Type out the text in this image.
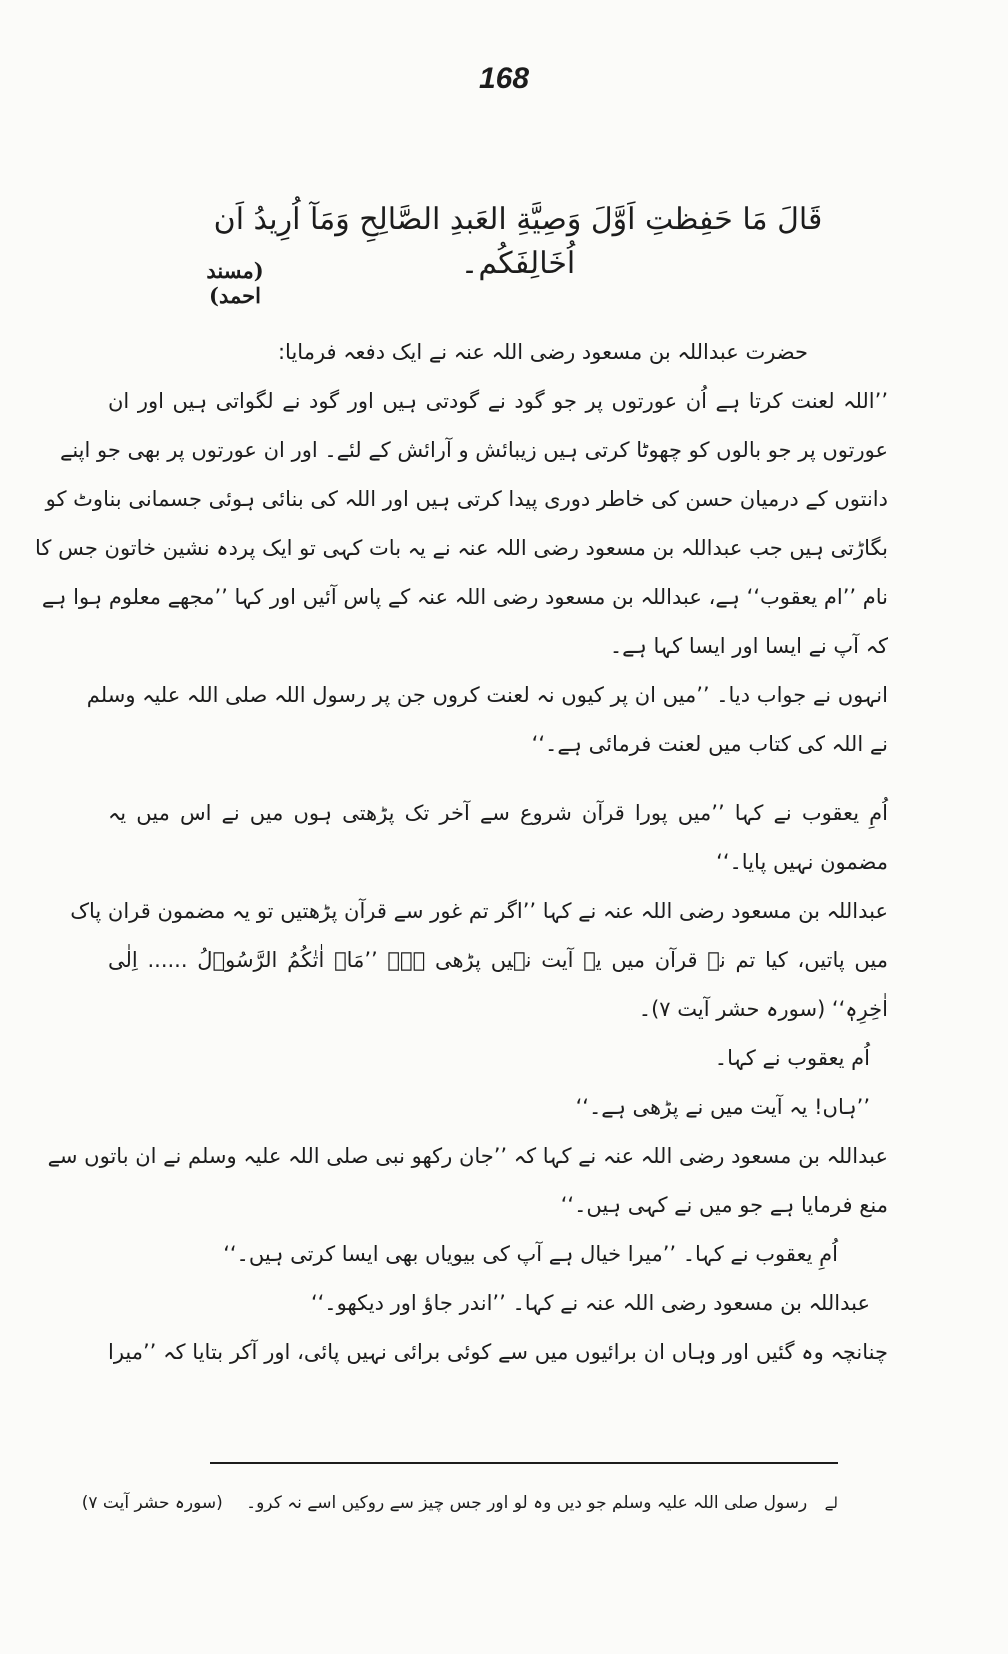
168
قَالَ مَا حَفِظتِ اَوَّلَ وَصِيَّةِ العَبدِ الصَّالِحِ وَمَآ اُرِيدُ اَن اُخَالِفَکُم۔
(مسند احمد)
حضرت عبداللہ بن مسعود رضی اللہ عنہ نے ایک دفعہ فرمایا:
’’اللہ لعنت کرتا ہے اُن عورتوں پر جو گود نے گودتی ہیں اور گود نے لگواتی ہیں اور ان
عورتوں پر جو بالوں کو چھوٹا کرتی ہیں زیبائش و آرائش کے لئے۔ اور ان عورتوں پر بھی جو اپنے
دانتوں کے درمیان حسن کی خاطر دوری پیدا کرتی ہیں اور اللہ کی بنائی ہوئی جسمانی بناوٹ کو
بگاڑتی ہیں جب عبداللہ بن مسعود رضی اللہ عنہ نے یہ بات کہی تو ایک پردہ نشین خاتون جس کا
نام ’’ام یعقوب‘‘ ہے، عبداللہ بن مسعود رضی اللہ عنہ کے پاس آئیں اور کہا ’’مجھے معلوم ہوا ہے
کہ آپ نے ایسا اور ایسا کہا ہے۔
انہوں نے جواب دیا۔ ’’میں ان پر کیوں نہ لعنت کروں جن پر رسول اللہ صلی اللہ علیہ وسلم
نے اللہ کی کتاب میں لعنت فرمائی ہے۔‘‘
اُمِ یعقوب نے کہا ’’میں پورا قرآن شروع سے آخر تک پڑھتی ہوں میں نے اس میں یہ
مضمون نہیں پایا۔‘‘
عبداللہ بن مسعود رضی اللہ عنہ نے کہا ’’اگر تم غور سے قرآن پڑھتیں تو یہ مضمون قران پاک
میں پاتیں، کیا تم نے قرآن میں یہ آیت نہیں پڑھی ہے۔ ’’مَاۤ اٰتٰکُمُ الرَّسُوۡلُ ...... اِلٰی
اٰخِرِہٖ‘‘ (سورہ حشر آیت ۷)۔
اُم یعقوب نے کہا۔
’’ہاں! یہ آیت میں نے پڑھی ہے۔‘‘
عبداللہ بن مسعود رضی اللہ عنہ نے کہا کہ ’’جان رکھو نبی صلی اللہ علیہ وسلم نے ان باتوں سے
منع فرمایا ہے جو میں نے کہی ہیں۔‘‘
اُمِ یعقوب نے کہا۔ ’’میرا خیال ہے آپ کی بیویاں بھی ایسا کرتی ہیں۔‘‘
عبداللہ بن مسعود رضی اللہ عنہ نے کہا۔ ’’اندر جاؤ اور دیکھو۔‘‘
چنانچہ وہ گئیں اور وہاں ان برائیوں میں سے کوئی برائی نہیں پائی، اور آکر بتایا کہ ’’میرا
لے رسول صلی اللہ علیہ وسلم جو دیں وہ لو اور جس چیز سے روکیں اسے نہ کرو۔ (سورہ حشر آیت ۷)
